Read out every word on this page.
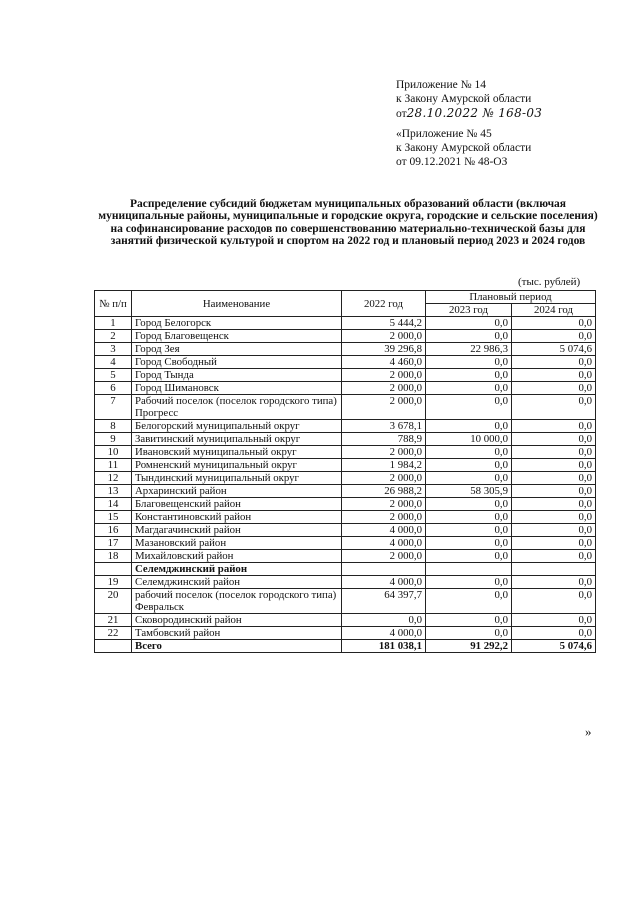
Приложение № 14
к Закону Амурской области
от28.10.2022 № 168-03
«Приложение № 45
к Закону Амурской области
от 09.12.2021 № 48-ОЗ
Распределение субсидий бюджетам муниципальных образований области (включая муниципальные районы, муниципальные и городские округа, городские и сельские поселения) на софинансирование расходов по совершенствованию материально-технической базы для занятий физической культурой и спортом на 2022 год и плановый период 2023 и 2024 годов
(тыс. рублей)
№ п/п	Наименование	2022 год	Плановый период	
			2023 год	2024 год
1	Город Белогорск	5 444,2	0,0	0,0
2	Город Благовещенск	2 000,0	0,0	0,0
3	Город Зея	39 296,8	22 986,3	5 074,6
4	Город Свободный	4 460,0	0,0	0,0
5	Город Тында	2 000,0	0,0	0,0
6	Город Шимановск	2 000,0	0,0	0,0
7	Рабочий поселок (поселок городского типа) Прогресс	2 000,0	0,0	0,0
8	Белогорский муниципальный округ	3 678,1	0,0	0,0
9	Завитинский муниципальный округ	788,9	10 000,0	0,0
10	Ивановский муниципальный округ	2 000,0	0,0	0,0
11	Ромненский муниципальный округ	1 984,2	0,0	0,0
12	Тындинский муниципальный округ	2 000,0	0,0	0,0
13	Архаринский район	26 988,2	58 305,9	0,0
14	Благовещенский район	2 000,0	0,0	0,0
15	Константиновский район	2 000,0	0,0	0,0
16	Магдагачинский район	4 000,0	0,0	0,0
17	Мазановский район	4 000,0	0,0	0,0
18	Михайловский район	2 000,0	0,0	0,0
	Селемджинский район			
19	Селемджинский район	4 000,0	0,0	0,0
20	рабочий поселок (поселок городского типа) Февральск	64 397,7	0,0	0,0
21	Сковородинский район	0,0	0,0	0,0
22	Тамбовский район	4 000,0	0,0	0,0
	Всего	181 038,1	91 292,2	5 074,6
»
